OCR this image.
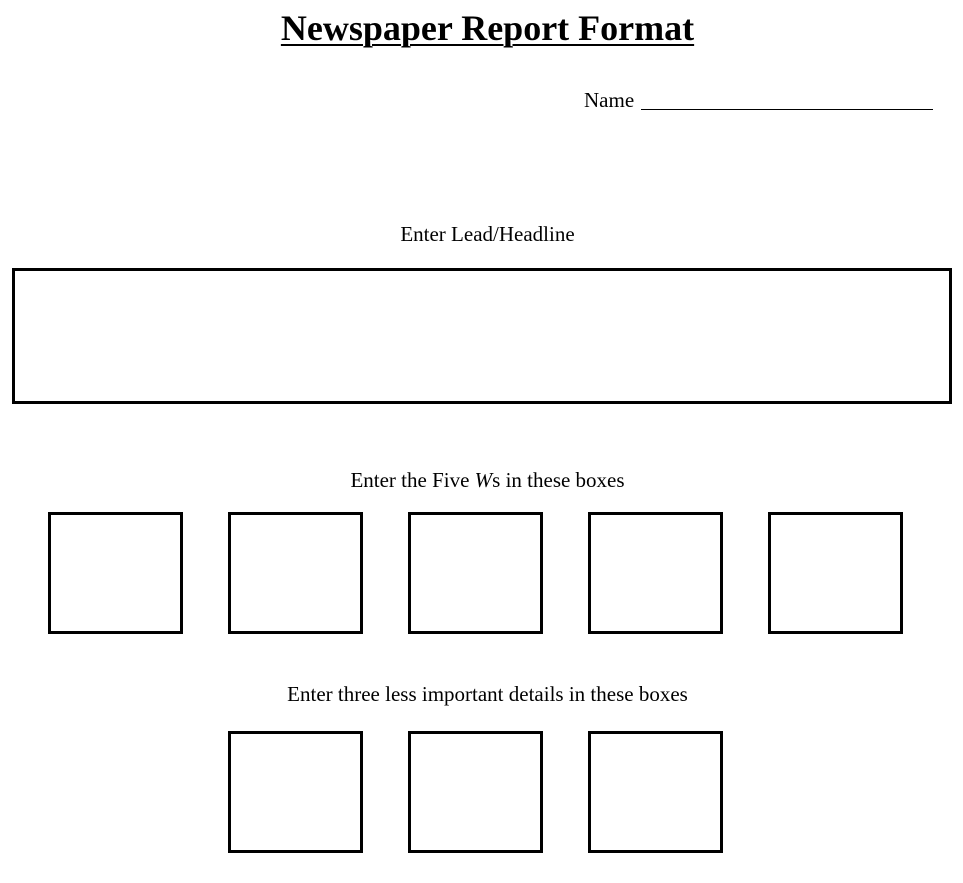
Newspaper Report Format
Name
Enter Lead/Headline
Enter the Five Ws in these boxes
Enter three less important details in these boxes
